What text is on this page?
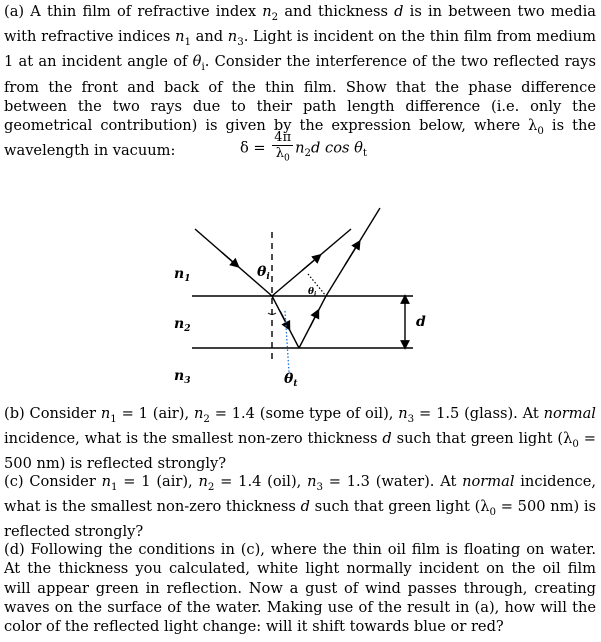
(a) A thin film of refractive index $n_2$ and thickness d is in between two media with refractive indices $n_1$ and $n_3$. Light is incident on the thin film from medium 1 at an incident angle of $\theta_i$. Consider the interference of the two reflected rays from the front and back of the thin film. Show that the phase difference between the two rays due to their path length difference (i.e. only the geometrical contribution) is given by the expression below, where $\lambda_0$ is the wavelength in vacuum:	$\delta = \frac{4\pi}{\lambda_0} n_2d$ $\cos \theta_t$
$n_1$
$n_2$
$n_3$
$\theta_i$
$\theta_i$
$\theta_t$
d

(b) Consider $n_1 = 1$ (air), $n_2 = 1.4$ (some type of oil), $n_3 = 1.5$ (glass). At normal incidence, what is the smallest non-zero thickness d such that green light ($\lambda_0 = 500$ nm) is reflected strongly?

(c) Consider $n_1 = 1$ (air), $n_2 = 1.4$ (oil), $n_3 = 1.3$ (water). At normal incidence, what is the smallest non-zero thickness d such that green light ($\lambda_0 = 500$ nm) is reflected strongly?

(d) Following the conditions in (c), where the thin oil film is floating on water. At the thickness you calculated, white light normally incident on the oil film will appear green in reflection. Now a gust of wind passes through, creating waves on the surface of the water. Making use of the result in (a), how will the color of the reflected light change: will it shift towards blue or red?
